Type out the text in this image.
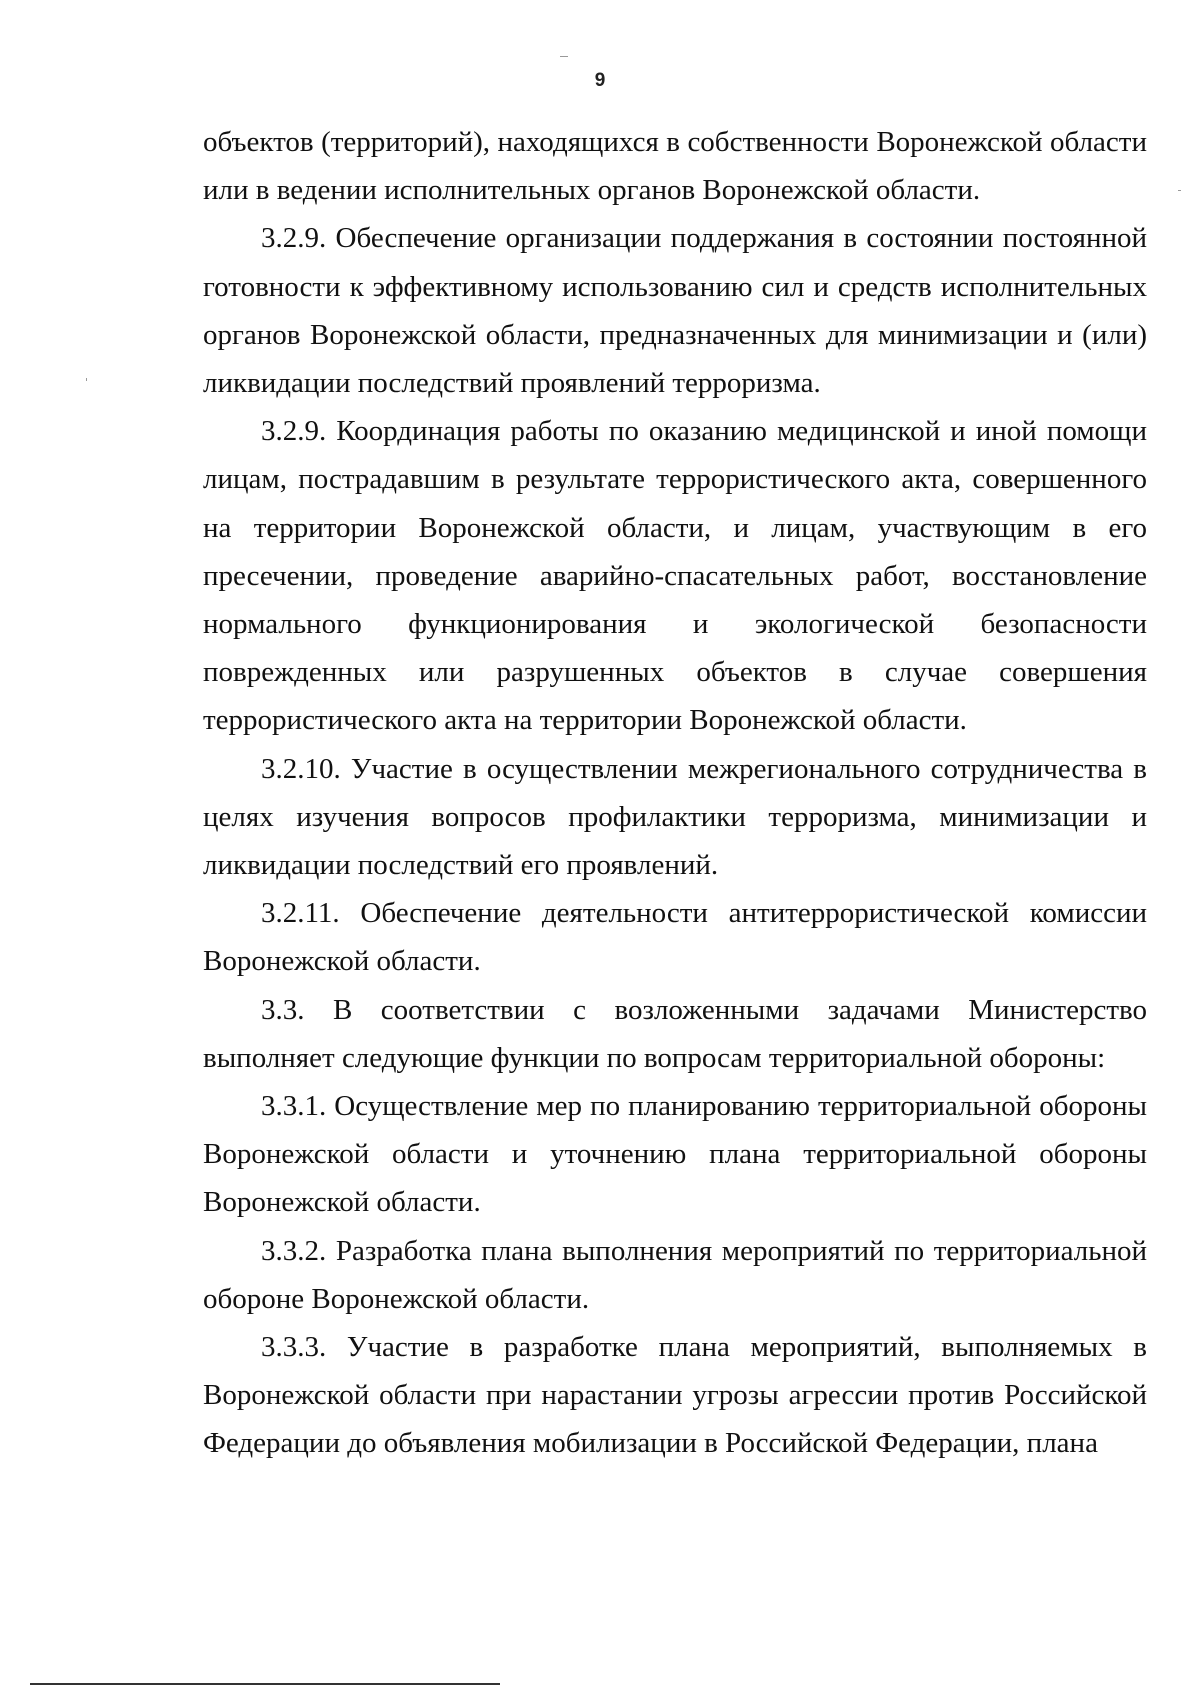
9

объектов (территорий), находящихся в собственности Воронежской области или в ведении исполнительных органов Воронежской области.

3.2.9. Обеспечение организации поддержания в состоянии постоянной готовности к эффективному использованию сил и средств исполнительных органов Воронежской области, предназначенных для минимизации и (или) ликвидации последствий проявлений терроризма.

3.2.9. Координация работы по оказанию медицинской и иной помощи лицам, пострадавшим в результате террористического акта, совершенного на территории Воронежской области, и лицам, участвующим в его пресечении, проведение аварийно-спасательных работ, восстановление нормального функционирования и экологической безопасности поврежденных или разрушенных объектов в случае совершения террористического акта на территории Воронежской области.

3.2.10. Участие в осуществлении межрегионального сотрудничества в целях изучения вопросов профилактики терроризма, минимизации и ликвидации последствий его проявлений.

3.2.11. Обеспечение деятельности антитеррористической комиссии Воронежской области.

3.3. В соответствии с возложенными задачами Министерство выполняет следующие функции по вопросам территориальной обороны:

3.3.1. Осуществление мер по планированию территориальной обороны Воронежской области и уточнению плана территориальной обороны Воронежской области.

3.3.2. Разработка плана выполнения мероприятий по территориальной обороне Воронежской области.

3.3.3. Участие в разработке плана мероприятий, выполняемых в Воронежской области при нарастании угрозы агрессии против Российской Федерации до объявления мобилизации в Российской Федерации, плана
